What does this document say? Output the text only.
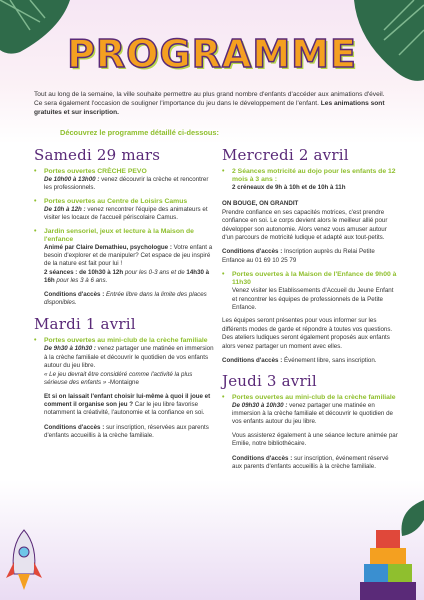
PROGRAMME
Tout au long de la semaine, la ville souhaite permettre au plus grand nombre d'enfants d'accéder aux animations d'éveil. Ce sera également l'occasion de souligner l'importance du jeu dans le développement de l'enfant. Les animations sont gratuites et sur inscription.
Découvrez le programme détaillé ci-dessous:
Samedi 29 mars
• Portes ouvertes CRÈCHE PEVO
De 10h00 à 13h00 : venez découvrir la crèche et rencontrer les professionnels.
• Portes ouvertes au Centre de Loisirs Camus
De 10h à 12h : venez rencontrer l'équipe des animateurs et visiter les locaux de l'accueil périscolaire Camus.
• Jardin sensoriel, jeux et lecture à la Maison de l'enfance
Animé par Claire Demathieu, psychologue : Votre enfant a besoin d'explorer et de manipuler? Cet espace de jeu inspiré de la nature est fait pour lui !
2 séances : de 10h30 à 12h pour les 0-3 ans et de 14h30 à 16h pour les 3 à 6 ans.
Conditions d'accès : Entrée libre dans la limite des places disponibles.
Mardi 1 avril
• Portes ouvertes au mini-club de la crèche familiale
De 9h30 à 10h30 : venez partager une matinée en immersion à la crèche familiale et découvrir le quotidien de vos enfants autour du jeu libre.
« Le jeu devrait être considéré comme l'activité la plus sérieuse des enfants » -Montaigne
Et si on laissait l'enfant choisir lui-même à quoi il joue et comment il organise son jeu ? Car le jeu libre favorise notamment la créativité, l'autonomie et la confiance en soi.
Conditions d'accès : sur inscription, réservées aux parents d'enfants accueillis à la crèche familiale.
Mercredi 2 avril
• 2 Séances motricité au dojo pour les enfants de 12 mois à 3 ans :
2 créneaux de 9h à 10h et de 10h à 11h
ON BOUGE, ON GRANDIT
Prendre confiance en ses capacités motrices, c'est prendre confiance en soi. Le corps devient alors le meilleur allié pour développer son autonomie. Alors venez vous amuser autour d'un parcours de motricité ludique et adapté aux tout-petits.
Conditions d'accès : Inscription auprès du Relai Petite Enfance au 01 69 10 25 79
• Portes ouvertes à la Maison de l'Enfance de 9h00 à 11h30
Venez visiter les Etablissements d'Accueil du Jeune Enfant et rencontrer les équipes de professionnels de la Petite Enfance.
Les équipes seront présentes pour vous informer sur les différents modes de garde et répondre à toutes vos questions. Des ateliers ludiques seront également proposés aux enfants alors venez partager un moment avec elles.
Conditions d'accès : Événement libre, sans inscription.
Jeudi 3 avril
• Portes ouvertes au mini-club de la crèche familiale
De 09h30 à 10h30 : venez partager une matinée en immersion à la crèche familiale et découvrir le quotidien de vos enfants autour du jeu libre.
Vous assisterez également à une séance lecture animée par Emilie, notre bibliothécaire.
Conditions d'accès : sur inscription, événement réservé aux parents d'enfants accueillis à la crèche familiale.
